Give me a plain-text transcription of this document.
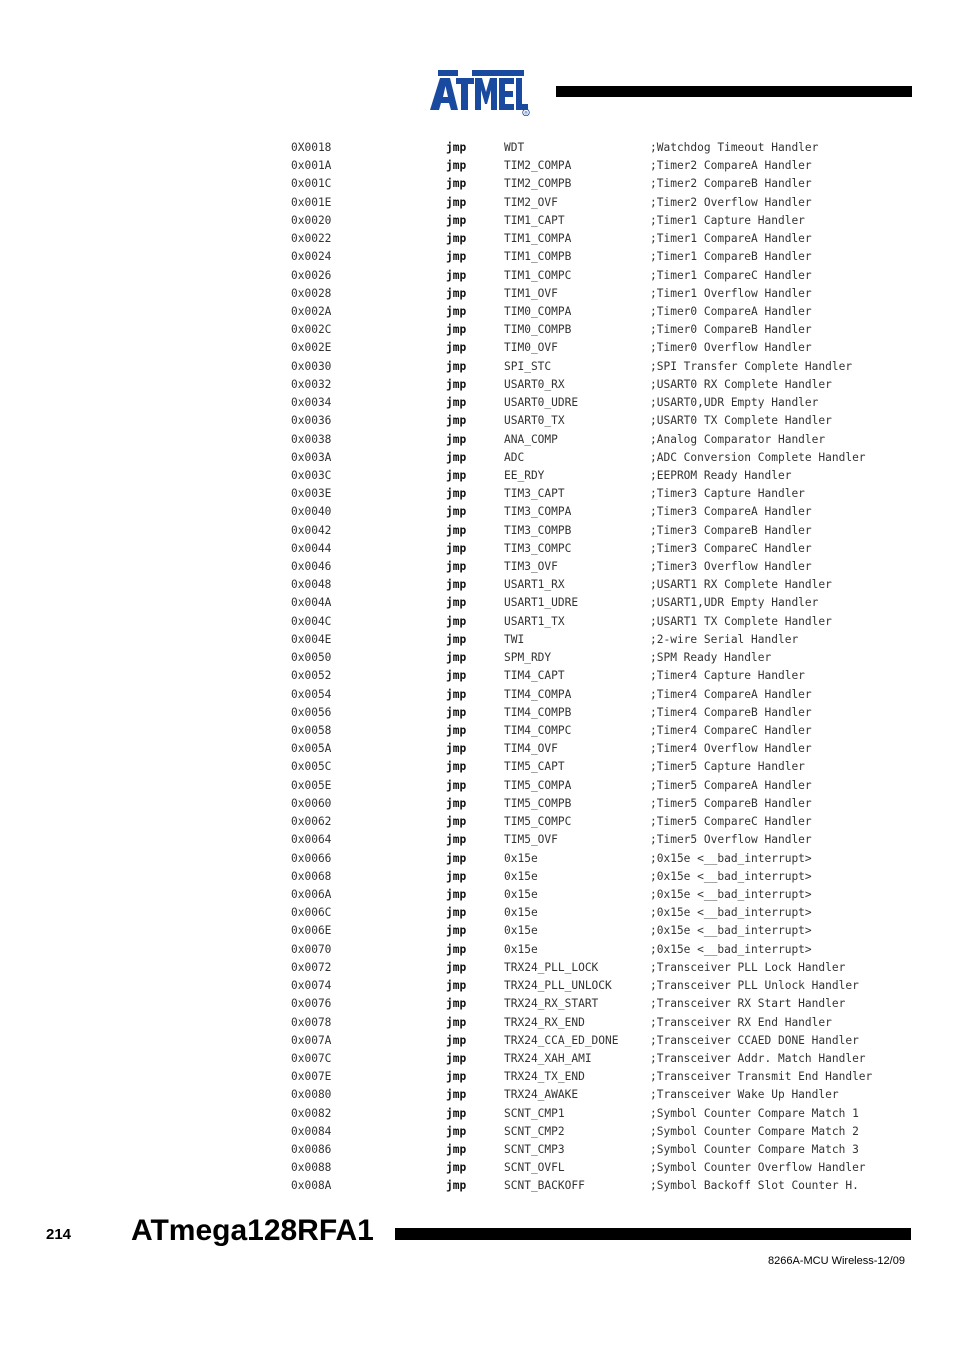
®
0X0018	jmp	WDT	;Watchdog Timeout Handler
0x001A	jmp	TIM2_COMPA	;Timer2 CompareA Handler
0x001C	jmp	TIM2_COMPB	;Timer2 CompareB Handler
0x001E	jmp	TIM2_OVF	;Timer2 Overflow Handler
0x0020	jmp	TIM1_CAPT	;Timer1 Capture Handler
0x0022	jmp	TIM1_COMPA	;Timer1 CompareA Handler
0x0024	jmp	TIM1_COMPB	;Timer1 CompareB Handler
0x0026	jmp	TIM1_COMPC	;Timer1 CompareC Handler
0x0028	jmp	TIM1_OVF	;Timer1 Overflow Handler
0x002A	jmp	TIM0_COMPA	;Timer0 CompareA Handler
0x002C	jmp	TIM0_COMPB	;Timer0 CompareB Handler
0x002E	jmp	TIM0_OVF	;Timer0 Overflow Handler
0x0030	jmp	SPI_STC	;SPI Transfer Complete Handler
0x0032	jmp	USART0_RX	;USART0 RX Complete Handler
0x0034	jmp	USART0_UDRE	;USART0,UDR Empty Handler
0x0036	jmp	USART0_TX	;USART0 TX Complete Handler
0x0038	jmp	ANA_COMP	;Analog Comparator Handler
0x003A	jmp	ADC	;ADC Conversion Complete Handler
0x003C	jmp	EE_RDY	;EEPROM Ready Handler
0x003E	jmp	TIM3_CAPT	;Timer3 Capture Handler
0x0040	jmp	TIM3_COMPA	;Timer3 CompareA Handler
0x0042	jmp	TIM3_COMPB	;Timer3 CompareB Handler
0x0044	jmp	TIM3_COMPC	;Timer3 CompareC Handler
0x0046	jmp	TIM3_OVF	;Timer3 Overflow Handler
0x0048	jmp	USART1_RX	;USART1 RX Complete Handler
0x004A	jmp	USART1_UDRE	;USART1,UDR Empty Handler
0x004C	jmp	USART1_TX	;USART1 TX Complete Handler
0x004E	jmp	TWI	;2-wire Serial Handler
0x0050	jmp	SPM_RDY	;SPM Ready Handler
0x0052	jmp	TIM4_CAPT	;Timer4 Capture Handler
0x0054	jmp	TIM4_COMPA	;Timer4 CompareA Handler
0x0056	jmp	TIM4_COMPB	;Timer4 CompareB Handler
0x0058	jmp	TIM4_COMPC	;Timer4 CompareC Handler
0x005A	jmp	TIM4_OVF	;Timer4 Overflow Handler
0x005C	jmp	TIM5_CAPT	;Timer5 Capture Handler
0x005E	jmp	TIM5_COMPA	;Timer5 CompareA Handler
0x0060	jmp	TIM5_COMPB	;Timer5 CompareB Handler
0x0062	jmp	TIM5_COMPC	;Timer5 CompareC Handler
0x0064	jmp	TIM5_OVF	;Timer5 Overflow Handler
0x0066	jmp	0x15e	;0x15e <__bad_interrupt>
0x0068	jmp	0x15e	;0x15e <__bad_interrupt>
0x006A	jmp	0x15e	;0x15e <__bad_interrupt>
0x006C	jmp	0x15e	;0x15e <__bad_interrupt>
0x006E	jmp	0x15e	;0x15e <__bad_interrupt>
0x0070	jmp	0x15e	;0x15e <__bad_interrupt>
0x0072	jmp	TRX24_PLL_LOCK	;Transceiver PLL Lock Handler
0x0074	jmp	TRX24_PLL_UNLOCK	;Transceiver PLL Unlock Handler
0x0076	jmp	TRX24_RX_START	;Transceiver RX Start Handler
0x0078	jmp	TRX24_RX_END	;Transceiver RX End Handler
0x007A	jmp	TRX24_CCA_ED_DONE	;Transceiver CCAED DONE Handler
0x007C	jmp	TRX24_XAH_AMI	;Transceiver Addr. Match Handler
0x007E	jmp	TRX24_TX_END	;Transceiver Transmit End Handler
0x0080	jmp	TRX24_AWAKE	;Transceiver Wake Up Handler
0x0082	jmp	SCNT_CMP1	;Symbol Counter Compare Match 1
0x0084	jmp	SCNT_CMP2	;Symbol Counter Compare Match 2
0x0086	jmp	SCNT_CMP3	;Symbol Counter Compare Match 3
0x0088	jmp	SCNT_OVFL	;Symbol Counter Overflow Handler
0x008A	jmp	SCNT_BACKOFF	;Symbol Backoff Slot Counter H.
214 ATmega128RFA1
8266A-MCU Wireless-12/09
